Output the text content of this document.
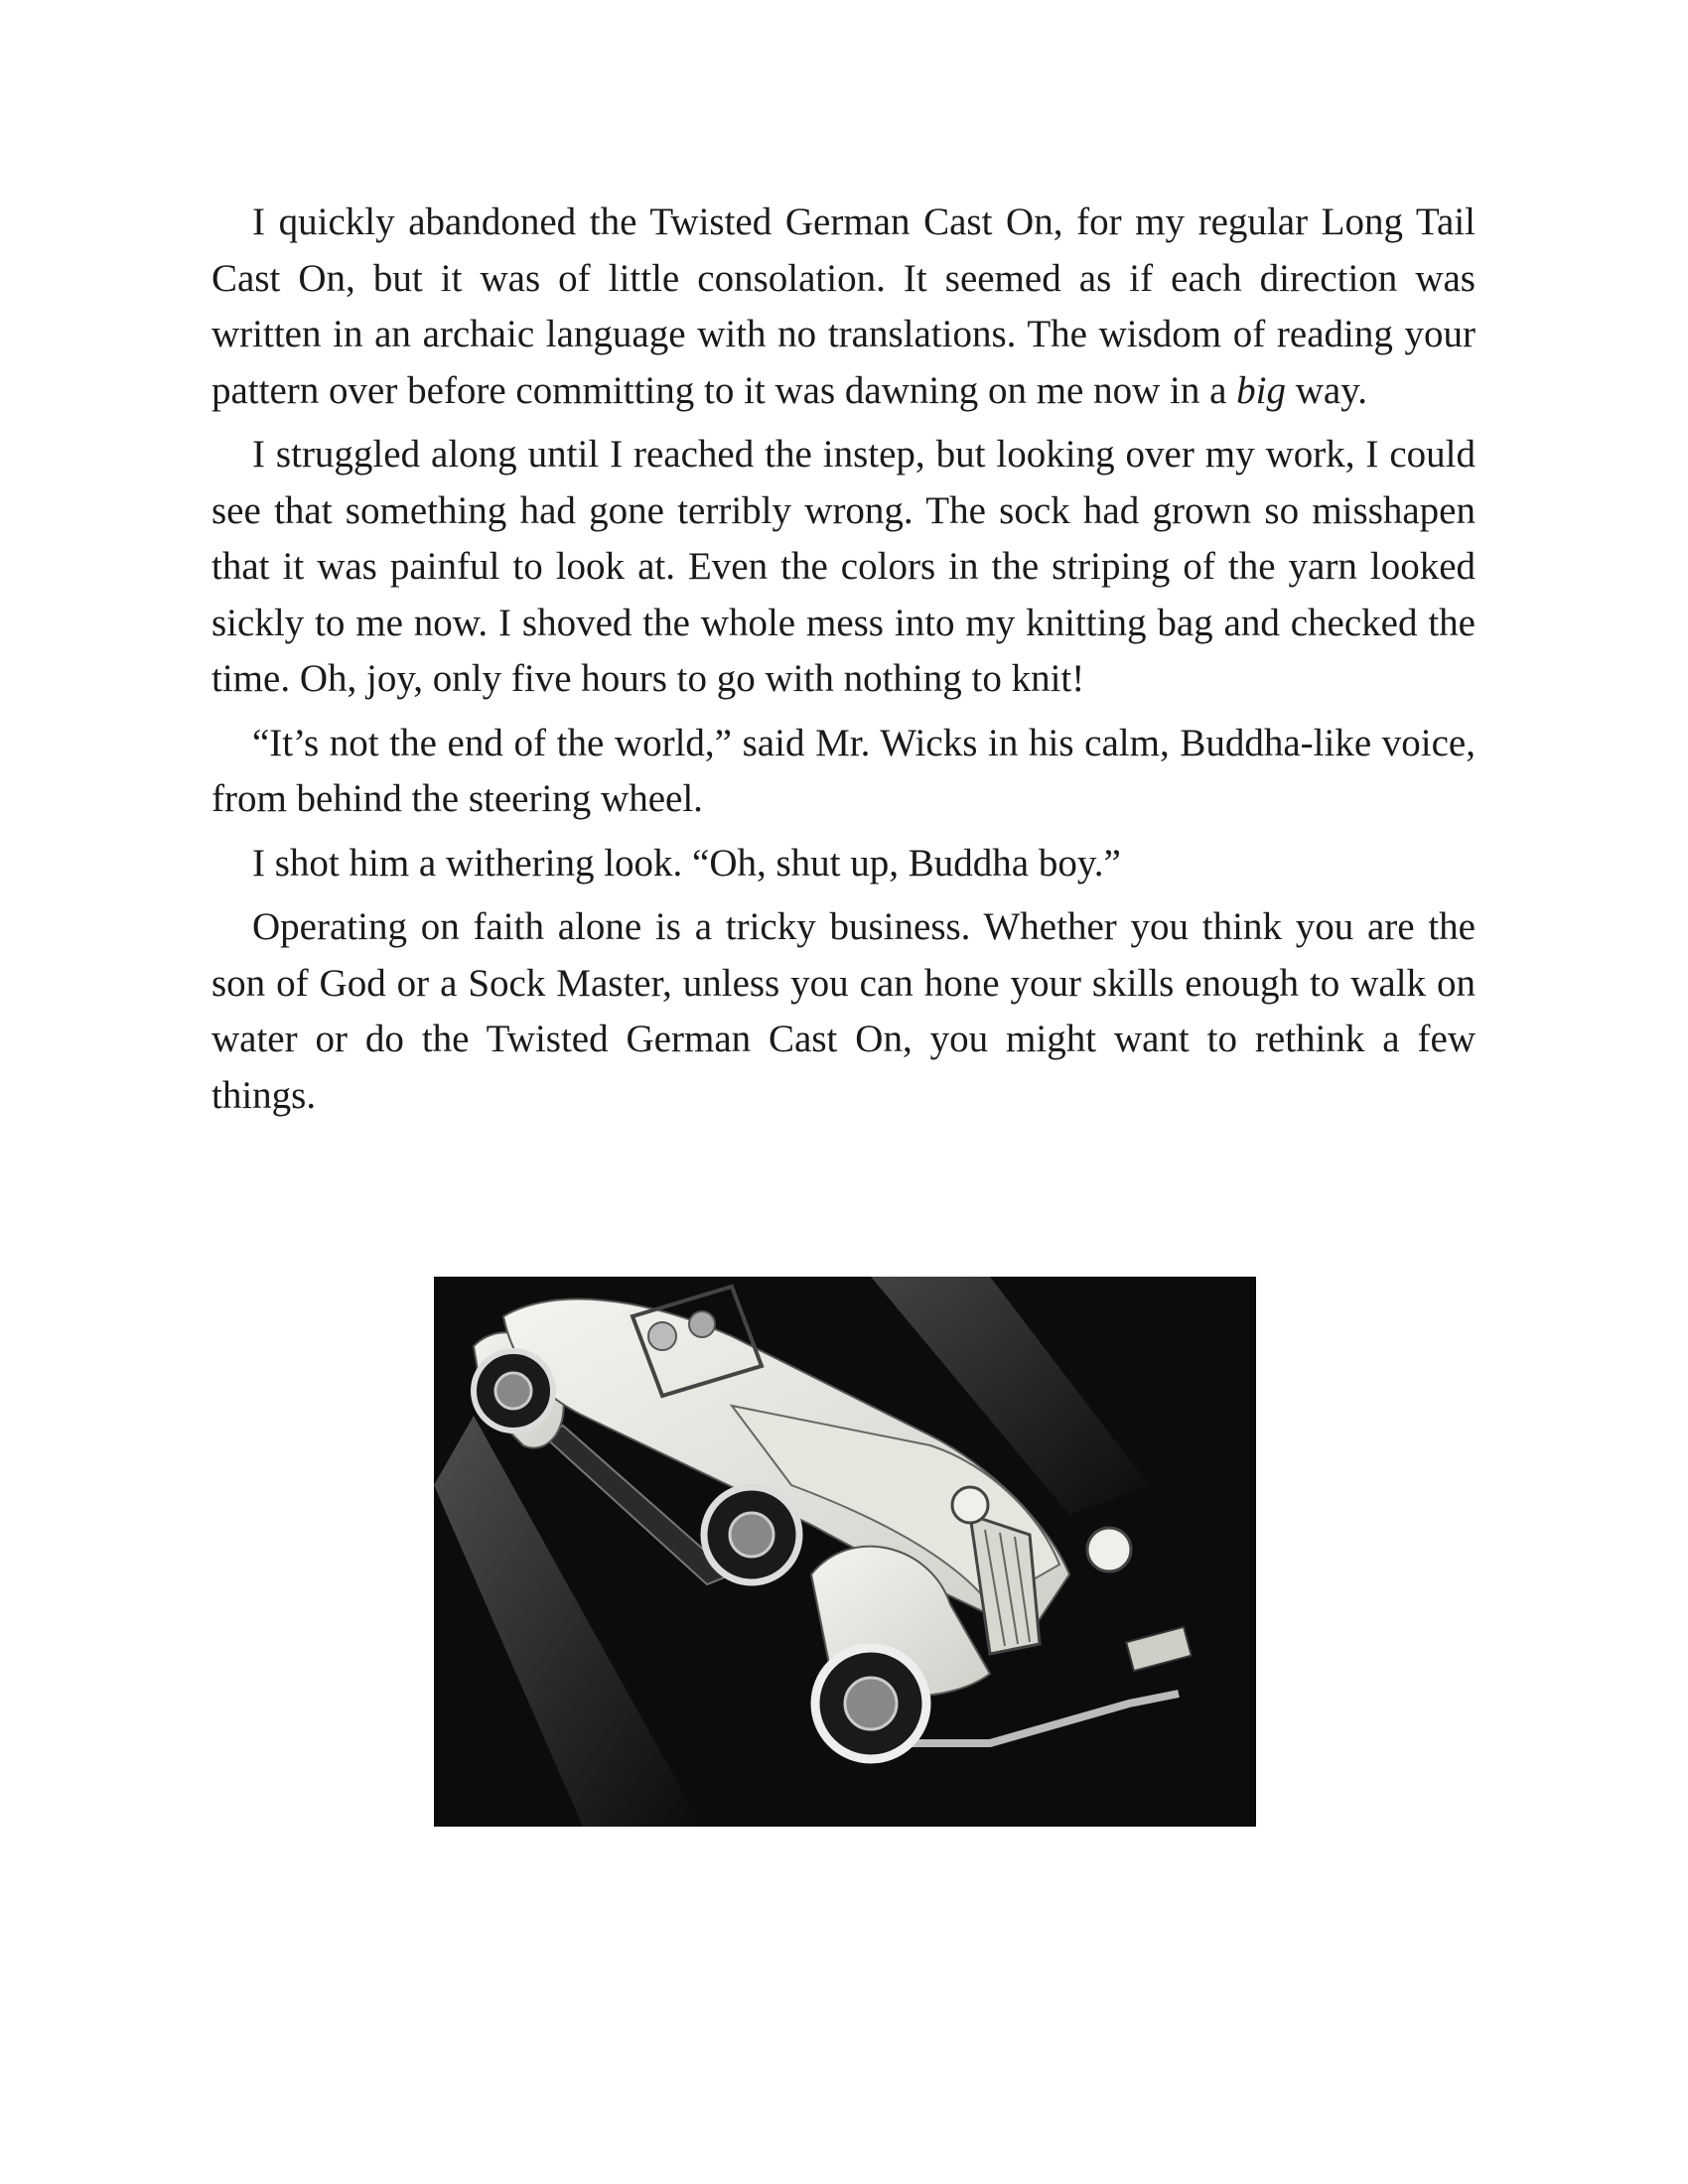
I quickly abandoned the Twisted German Cast On, for my regular Long Tail Cast On, but it was of little consolation. It seemed as if each direction was written in an archaic language with no translations. The wisdom of reading your pattern over before committing to it was dawning on me now in a big way.

I struggled along until I reached the instep, but looking over my work, I could see that something had gone terribly wrong. The sock had grown so misshapen that it was painful to look at. Even the colors in the striping of the yarn looked sickly to me now. I shoved the whole mess into my knitting bag and checked the time. Oh, joy, only five hours to go with nothing to knit!

“It’s not the end of the world,” said Mr. Wicks in his calm, Buddha-like voice, from behind the steering wheel.

I shot him a withering look. “Oh, shut up, Buddha boy.”

Operating on faith alone is a tricky business. Whether you think you are the son of God or a Sock Master, unless you can hone your skills enough to walk on water or do the Twisted German Cast On, you might want to rethink a few things.
